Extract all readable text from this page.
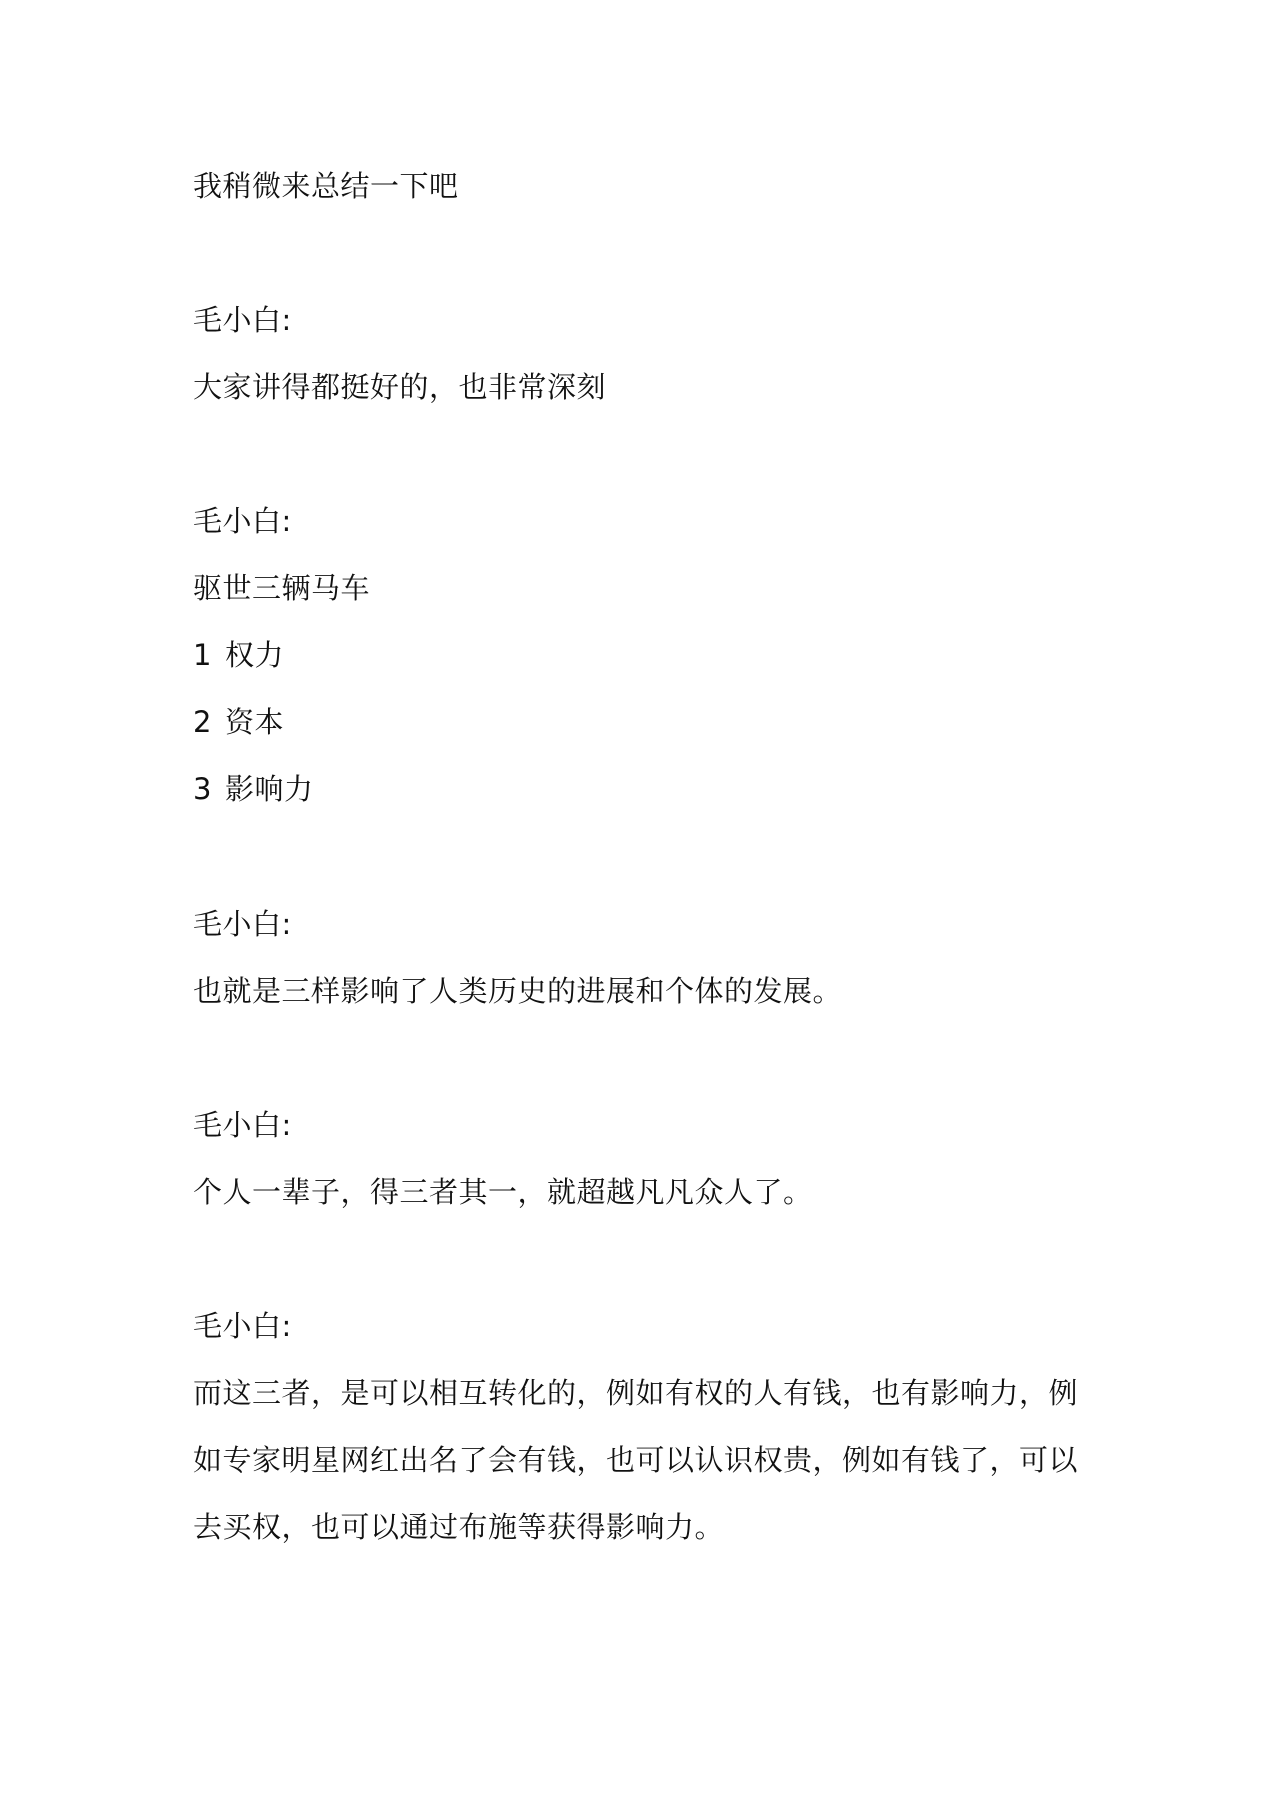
我稍微来总结一下吧
毛小白:
大家讲得都挺好的，也非常深刻
毛小白:
驱世三辆马车
1 权力
2 资本
3 影响力
毛小白:
也就是三样影响了人类历史的进展和个体的发展。
毛小白:
个人一辈子，得三者其一，就超越凡凡众人了。
毛小白:
而这三者，是可以相互转化的，例如有权的人有钱，也有影响力，例
如专家明星网红出名了会有钱，也可以认识权贵，例如有钱了，可以
去买权，也可以通过布施等获得影响力。
